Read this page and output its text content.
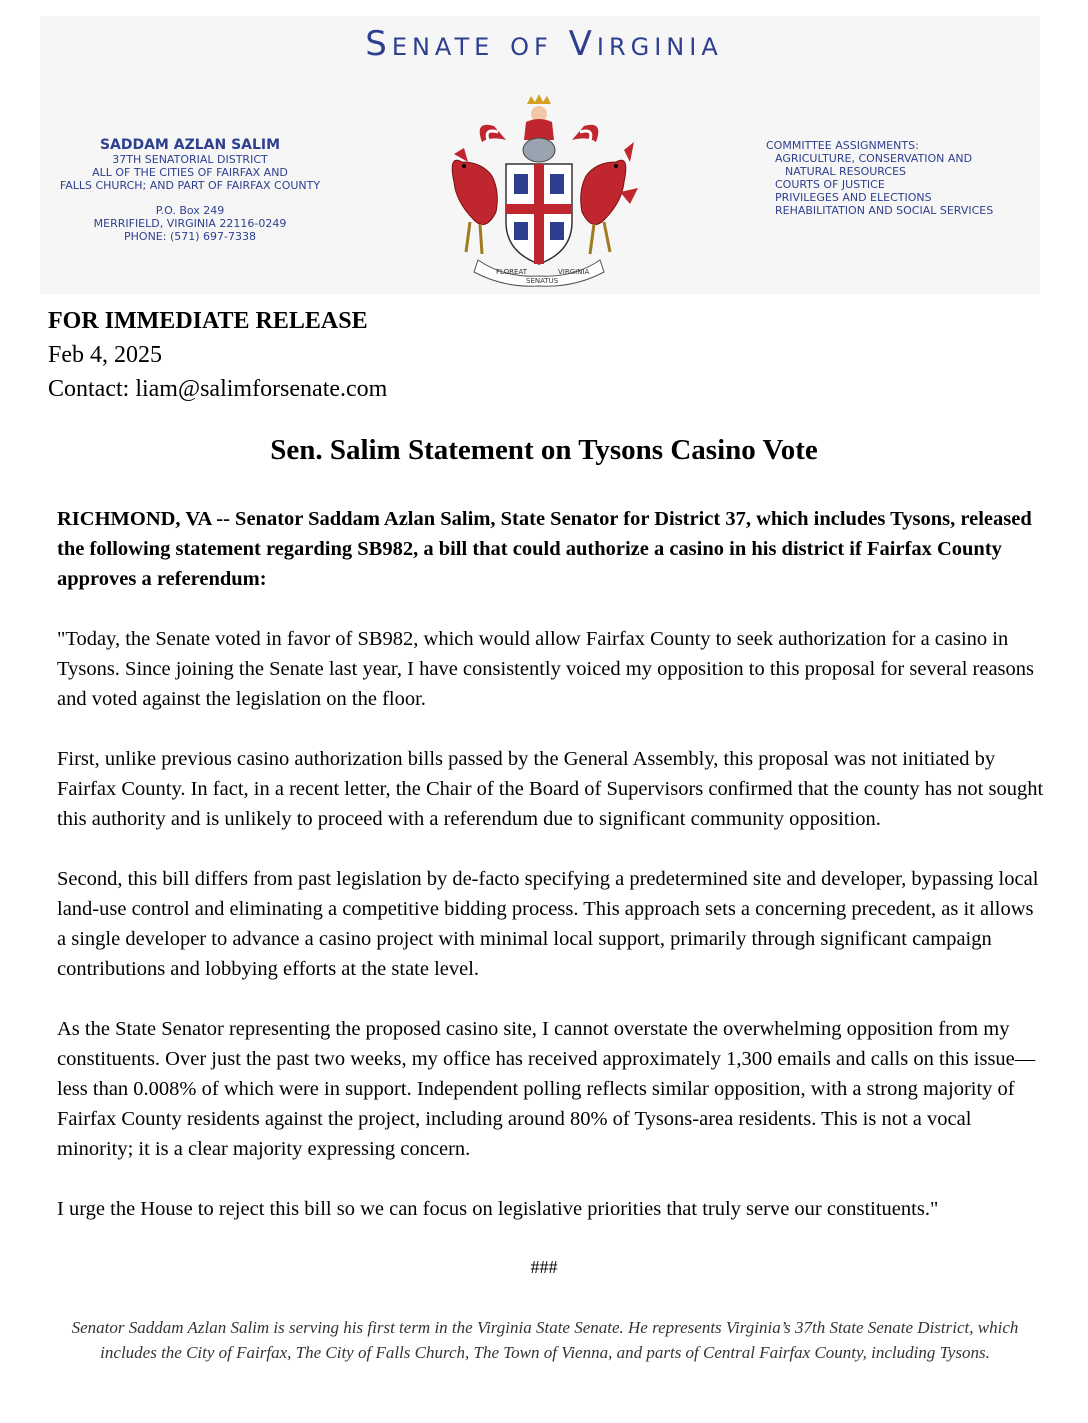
Senate of Virginia
SADDAM AZLAN SALIM
37TH SENATORIAL DISTRICT
ALL OF THE CITIES OF FAIRFAX AND
FALLS CHURCH; AND PART OF FAIRFAX COUNTY
P.O. Box 249
MERRIFIELD, VIRGINIA 22116-0249
PHONE: (571) 697-7338
FLOREAT
SENATUS
VIRGINIA
COMMITTEE ASSIGNMENTS:
AGRICULTURE, CONSERVATION AND
NATURAL RESOURCES
COURTS OF JUSTICE
PRIVILEGES AND ELECTIONS
REHABILITATION AND SOCIAL SERVICES
FOR IMMEDIATE RELEASE
Feb 4, 2025
Contact: liam@salimforsenate.com
Sen. Salim Statement on Tysons Casino Vote

RICHMOND, VA -- Senator Saddam Azlan Salim, State Senator for District 37, which includes Tysons, released the following statement regarding SB982, a bill that could authorize a casino in his district if Fairfax County approves a referendum:

"Today, the Senate voted in favor of SB982, which would allow Fairfax County to seek authorization for a casino in Tysons. Since joining the Senate last year, I have consistently voiced my opposition to this proposal for several reasons and voted against the legislation on the floor.

First, unlike previous casino authorization bills passed by the General Assembly, this proposal was not initiated by Fairfax County. In fact, in a recent letter, the Chair of the Board of Supervisors confirmed that the county has not sought this authority and is unlikely to proceed with a referendum due to significant community opposition.

Second, this bill differs from past legislation by de-facto specifying a predetermined site and developer, bypassing local land-use control and eliminating a competitive bidding process. This approach sets a concerning precedent, as it allows a single developer to advance a casino project with minimal local support, primarily through significant campaign contributions and lobbying efforts at the state level.

As the State Senator representing the proposed casino site, I cannot overstate the overwhelming opposition from my constituents. Over just the past two weeks, my office has received approximately 1,300 emails and calls on this issue— less than 0.008% of which were in support. Independent polling reflects similar opposition, with a strong majority of Fairfax County residents against the project, including around 80% of Tysons-area residents. This is not a vocal minority; it is a clear majority expressing concern.

I urge the House to reject this bill so we can focus on legislative priorities that truly serve our constituents."

###
Senator Saddam Azlan Salim is serving his first term in the Virginia State Senate. He represents Virginia’s 37th State Senate District, which includes the City of Fairfax, The City of Falls Church, The Town of Vienna, and parts of Central Fairfax County, including Tysons.
